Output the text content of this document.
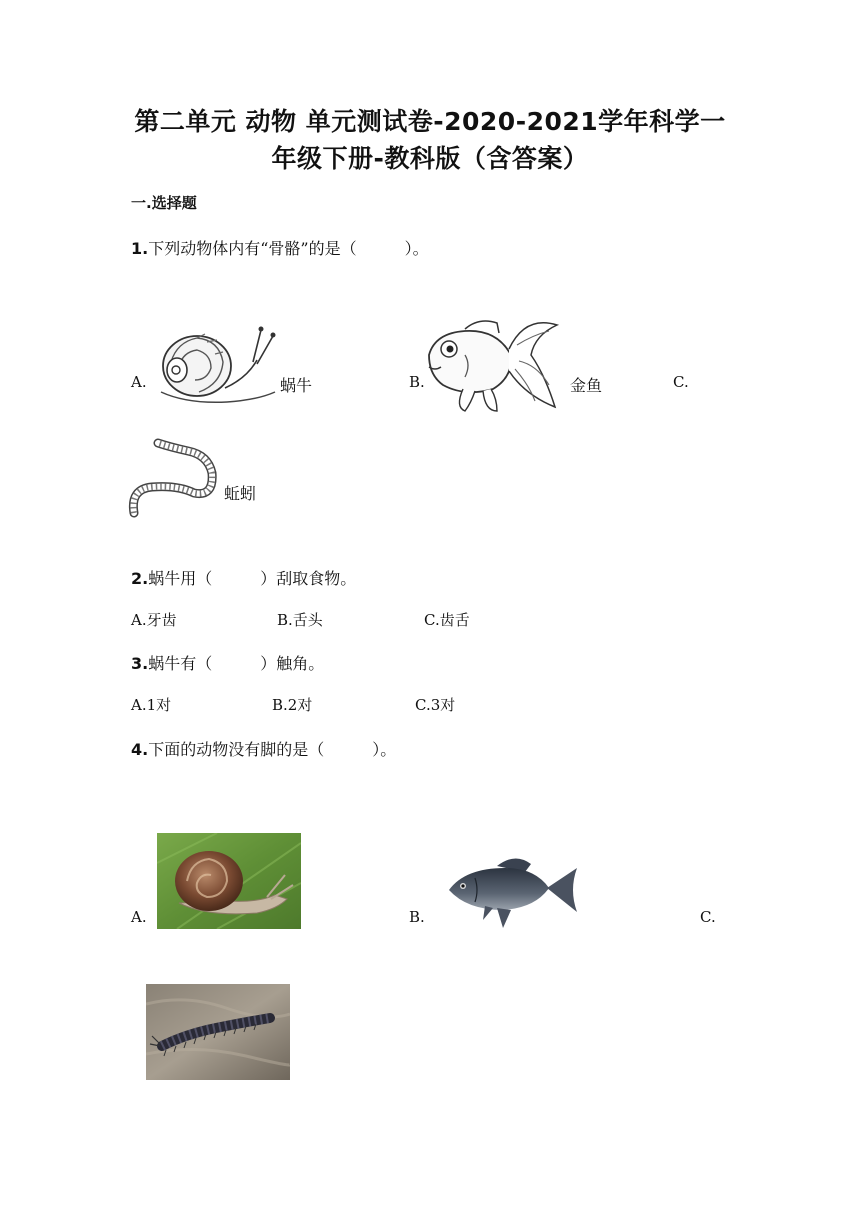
第二单元 动物 单元测试卷-2020-2021学年科学一
年级下册-教科版（含答案）
一.选择题
1.下列动物体内有“骨骼”的是（　　　）。
A.	蜗牛	B.	金鱼	C.
蚯蚓
2.蜗牛用（　　　）刮取食物。
A.牙齿	B.舌头	C.齿舌
3.蜗牛有（　　　）触角。
A.1对	B.2对	C.3对
4.下面的动物没有脚的是（　　　）。
A.	B.	C.
